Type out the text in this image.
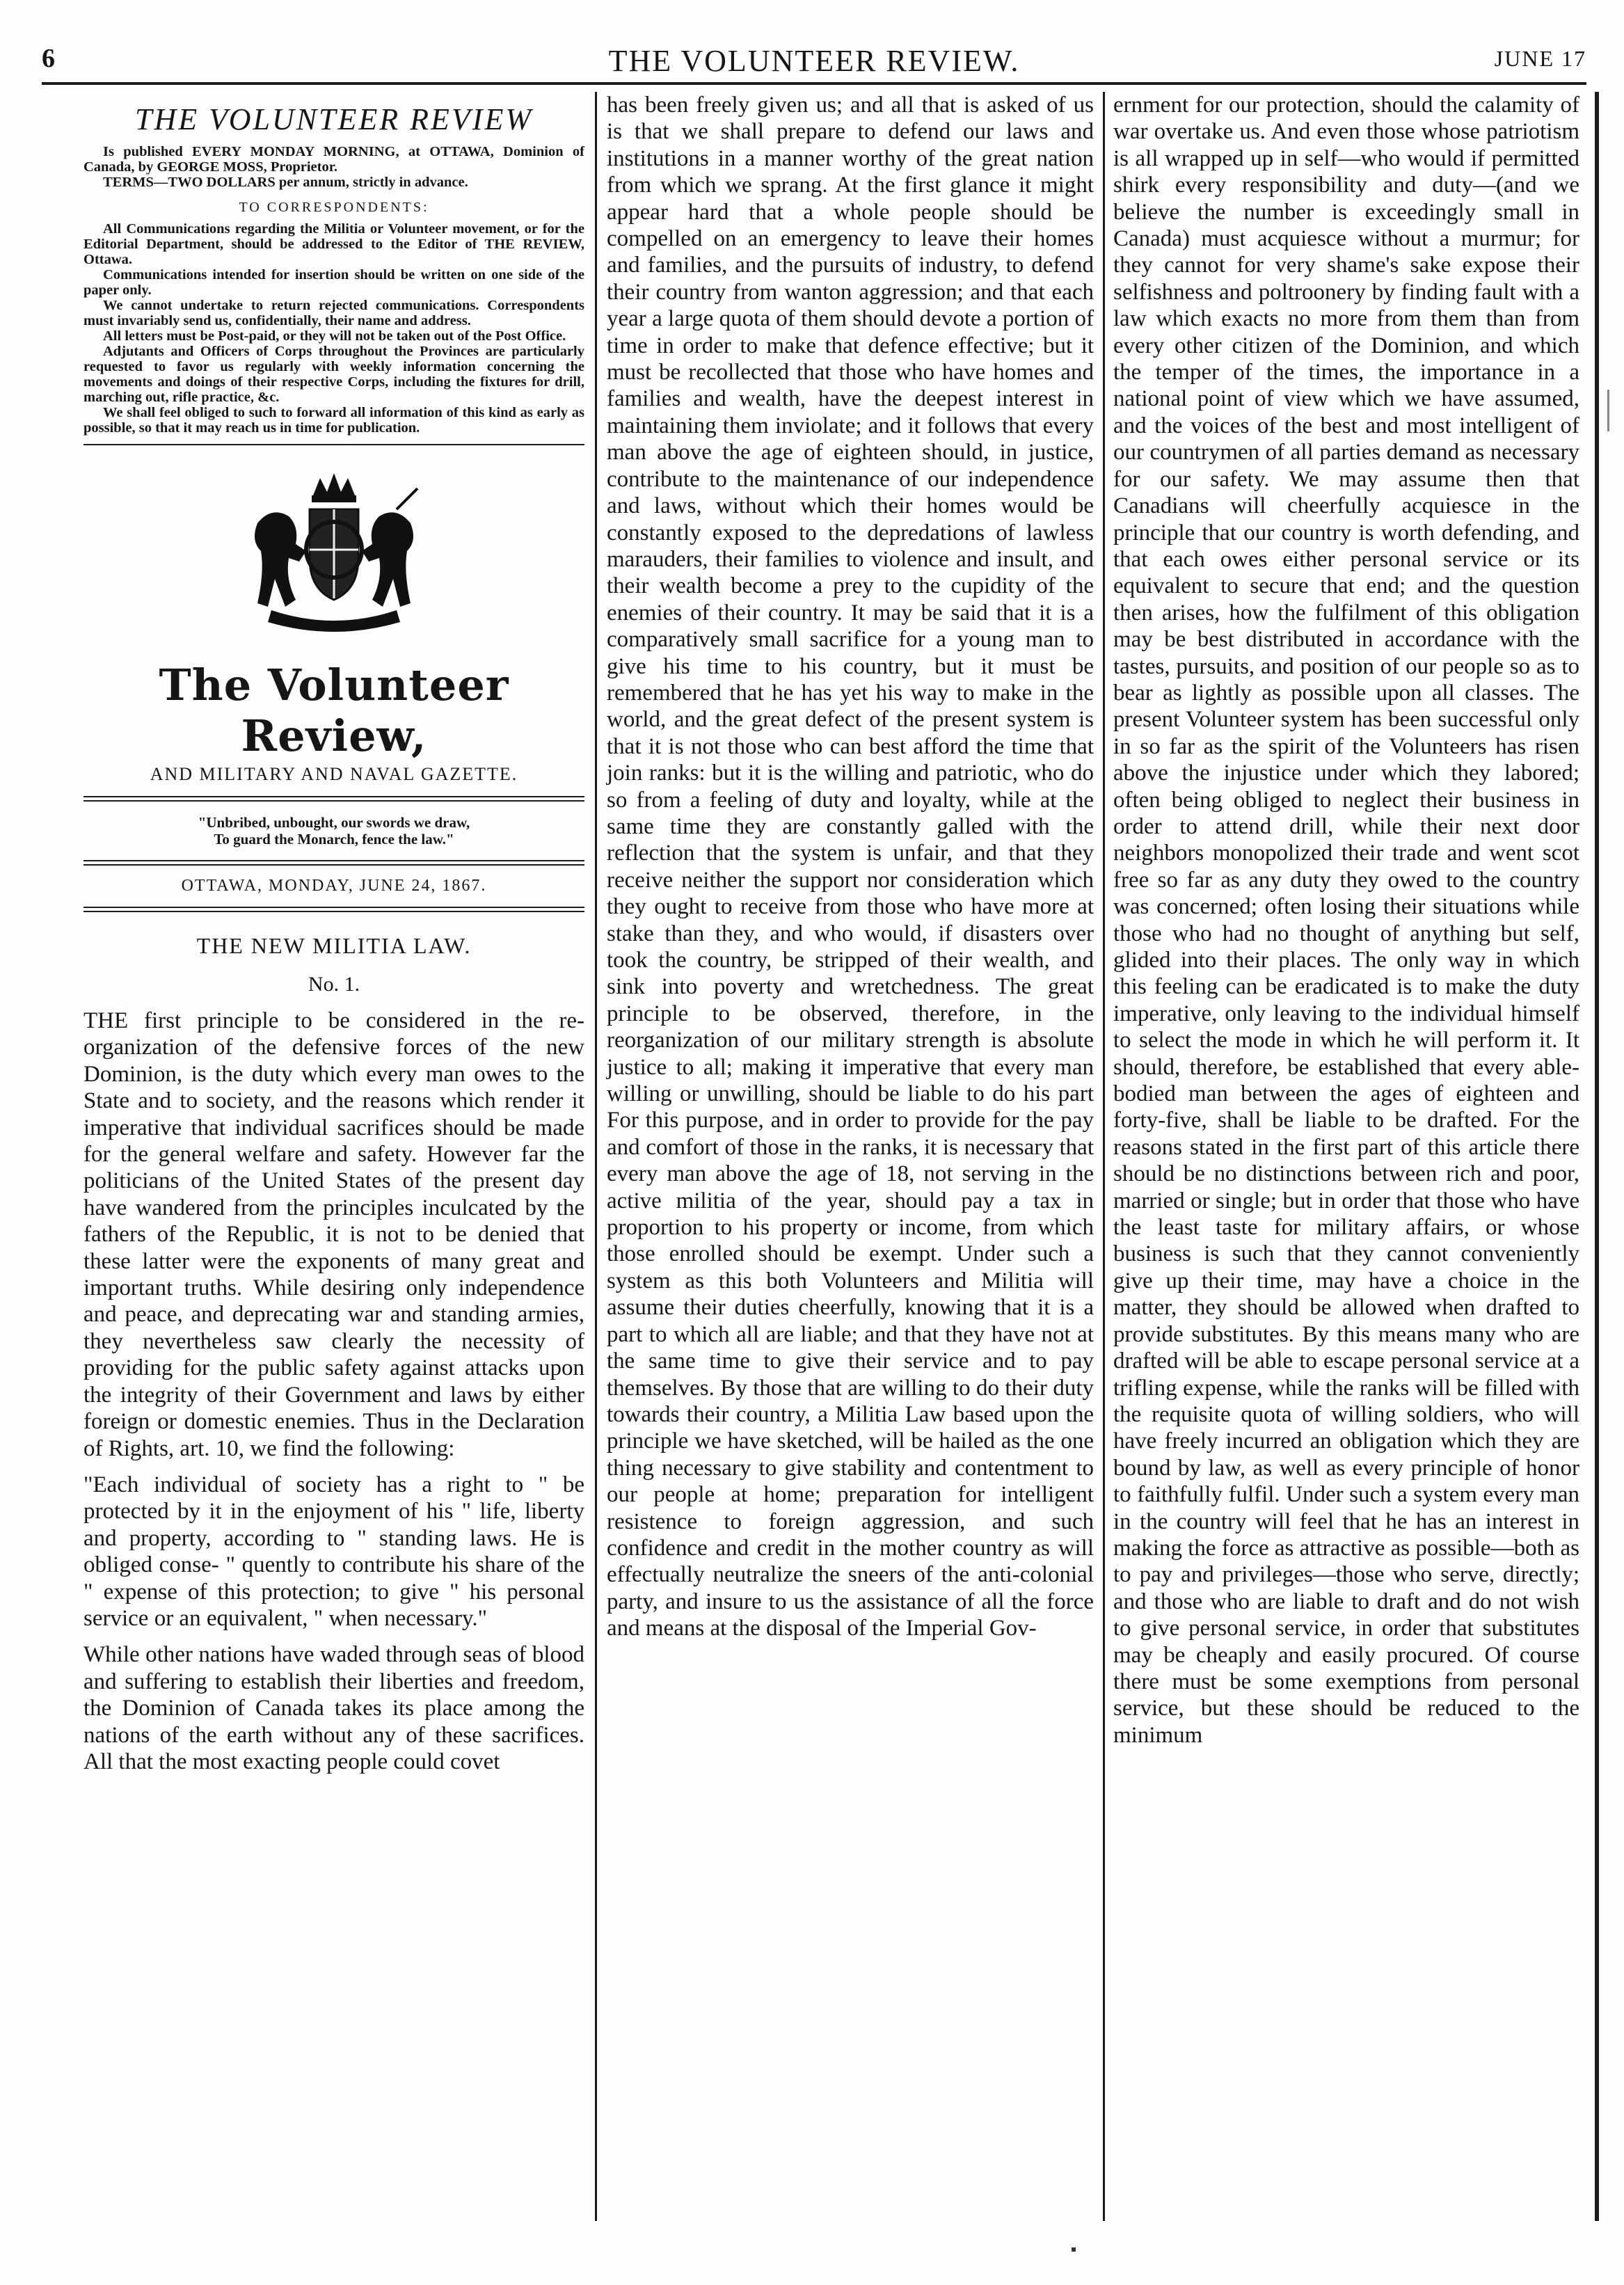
6	THE VOLUNTEER REVIEW.	JUNE 17
THE VOLUNTEER REVIEW

Is published EVERY MONDAY MORNING, at OTTAWA, Dominion of Canada, by GEORGE MOSS, Proprietor.

TERMS—TWO DOLLARS per annum, strictly in advance.

TO CORRESPONDENTS:

All Communications regarding the Militia or Volunteer movement, or for the Editorial Department, should be addressed to the Editor of THE REVIEW, Ottawa.

Communications intended for insertion should be written on one side of the paper only.

We cannot undertake to return rejected communications. Correspondents must invariably send us, confidentially, their name and address.

All letters must be Post-paid, or they will not be taken out of the Post Office.

Adjutants and Officers of Corps throughout the Provinces are particularly requested to favor us regularly with weekly information concerning the movements and doings of their respective Corps, including the fixtures for drill, marching out, rifle practice, &c.

We shall feel obliged to such to forward all information of this kind as early as possible, so that it may reach us in time for publication.

The Volunteer Review,
AND MILITARY AND NAVAL GAZETTE.
"Unbribed, unbought, our swords we draw,
To guard the Monarch, fence the law."
OTTAWA, MONDAY, JUNE 24, 1867.
THE NEW MILITIA LAW.
No. 1.

THE first principle to be considered in the re-organization of the defensive forces of the new Dominion, is the duty which every man owes to the State and to society, and the reasons which render it imperative that individual sacrifices should be made for the general welfare and safety. However far the politicians of the United States of the present day have wandered from the principles inculcated by the fathers of the Republic, it is not to be denied that these latter were the exponents of many great and important truths. While desiring only independence and peace, and deprecating war and standing armies, they nevertheless saw clearly the necessity of providing for the public safety against attacks upon the integrity of their Government and laws by either foreign or domestic enemies. Thus in the Declaration of Rights, art. 10, we find the following:

"Each individual of society has a right to " be protected by it in the enjoyment of his " life, liberty and property, according to " standing laws. He is obliged conse- " quently to contribute his share of the " expense of this protection; to give " his personal service or an equivalent, " when necessary."

While other nations have waded through seas of blood and suffering to establish their liberties and freedom, the Dominion of Canada takes its place among the nations of the earth without any of these sacrifices. All that the most exacting people could covet

has been freely given us; and all that is asked of us is that we shall prepare to defend our laws and institutions in a manner worthy of the great nation from which we sprang. At the first glance it might appear hard that a whole people should be compelled on an emergency to leave their homes and families, and the pursuits of industry, to defend their country from wanton aggression; and that each year a large quota of them should devote a portion of time in order to make that defence effective; but it must be recollected that those who have homes and families and wealth, have the deepest interest in maintaining them inviolate; and it follows that every man above the age of eighteen should, in justice, contribute to the maintenance of our independence and laws, without which their homes would be constantly exposed to the depredations of lawless marauders, their families to violence and insult, and their wealth become a prey to the cupidity of the enemies of their country. It may be said that it is a comparatively small sacrifice for a young man to give his time to his country, but it must be remembered that he has yet his way to make in the world, and the great defect of the present system is that it is not those who can best afford the time that join ranks: but it is the willing and patriotic, who do so from a feeling of duty and loyalty, while at the same time they are constantly galled with the reflection that the system is unfair, and that they receive neither the support nor consideration which they ought to receive from those who have more at stake than they, and who would, if disasters over took the country, be stripped of their wealth, and sink into poverty and wretchedness. The great principle to be observed, therefore, in the reorganization of our military strength is absolute justice to all; making it imperative that every man willing or unwilling, should be liable to do his part For this purpose, and in order to provide for the pay and comfort of those in the ranks, it is necessary that every man above the age of 18, not serving in the active militia of the year, should pay a tax in proportion to his property or income, from which those enrolled should be exempt. Under such a system as this both Volunteers and Militia will assume their duties cheerfully, knowing that it is a part to which all are liable; and that they have not at the same time to give their service and to pay themselves. By those that are willing to do their duty towards their country, a Militia Law based upon the principle we have sketched, will be hailed as the one thing necessary to give stability and contentment to our people at home; preparation for intelligent resistence to foreign aggression, and such confidence and credit in the mother country as will effectually neutralize the sneers of the anti-colonial party, and insure to us the assistance of all the force and means at the disposal of the Imperial Gov-

ernment for our protection, should the calamity of war overtake us. And even those whose patriotism is all wrapped up in self—who would if permitted shirk every responsibility and duty—(and we believe the number is exceedingly small in Canada) must acquiesce without a murmur; for they cannot for very shame's sake expose their selfishness and poltroonery by finding fault with a law which exacts no more from them than from every other citizen of the Dominion, and which the temper of the times, the importance in a national point of view which we have assumed, and the voices of the best and most intelligent of our countrymen of all parties demand as necessary for our safety. We may assume then that Canadians will cheerfully acquiesce in the principle that our country is worth defending, and that each owes either personal service or its equivalent to secure that end; and the question then arises, how the fulfilment of this obligation may be best distributed in accordance with the tastes, pursuits, and position of our people so as to bear as lightly as possible upon all classes. The present Volunteer system has been successful only in so far as the spirit of the Volunteers has risen above the injustice under which they labored; often being obliged to neglect their business in order to attend drill, while their next door neighbors monopolized their trade and went scot free so far as any duty they owed to the country was concerned; often losing their situations while those who had no thought of anything but self, glided into their places. The only way in which this feeling can be eradicated is to make the duty imperative, only leaving to the individual himself to select the mode in which he will perform it. It should, therefore, be established that every able-bodied man between the ages of eighteen and forty-five, shall be liable to be drafted. For the reasons stated in the first part of this article there should be no distinctions between rich and poor, married or single; but in order that those who have the least taste for military affairs, or whose business is such that they cannot conveniently give up their time, may have a choice in the matter, they should be allowed when drafted to provide substitutes. By this means many who are drafted will be able to escape personal service at a trifling expense, while the ranks will be filled with the requisite quota of willing soldiers, who will have freely incurred an obligation which they are bound by law, as well as every principle of honor to faithfully fulfil. Under such a system every man in the country will feel that he has an interest in making the force as attractive as possible—both as to pay and privileges—those who serve, directly; and those who are liable to draft and do not wish to give personal service, in order that substitutes may be cheaply and easily procured. Of course there must be some exemptions from personal service, but these should be reduced to the minimum
